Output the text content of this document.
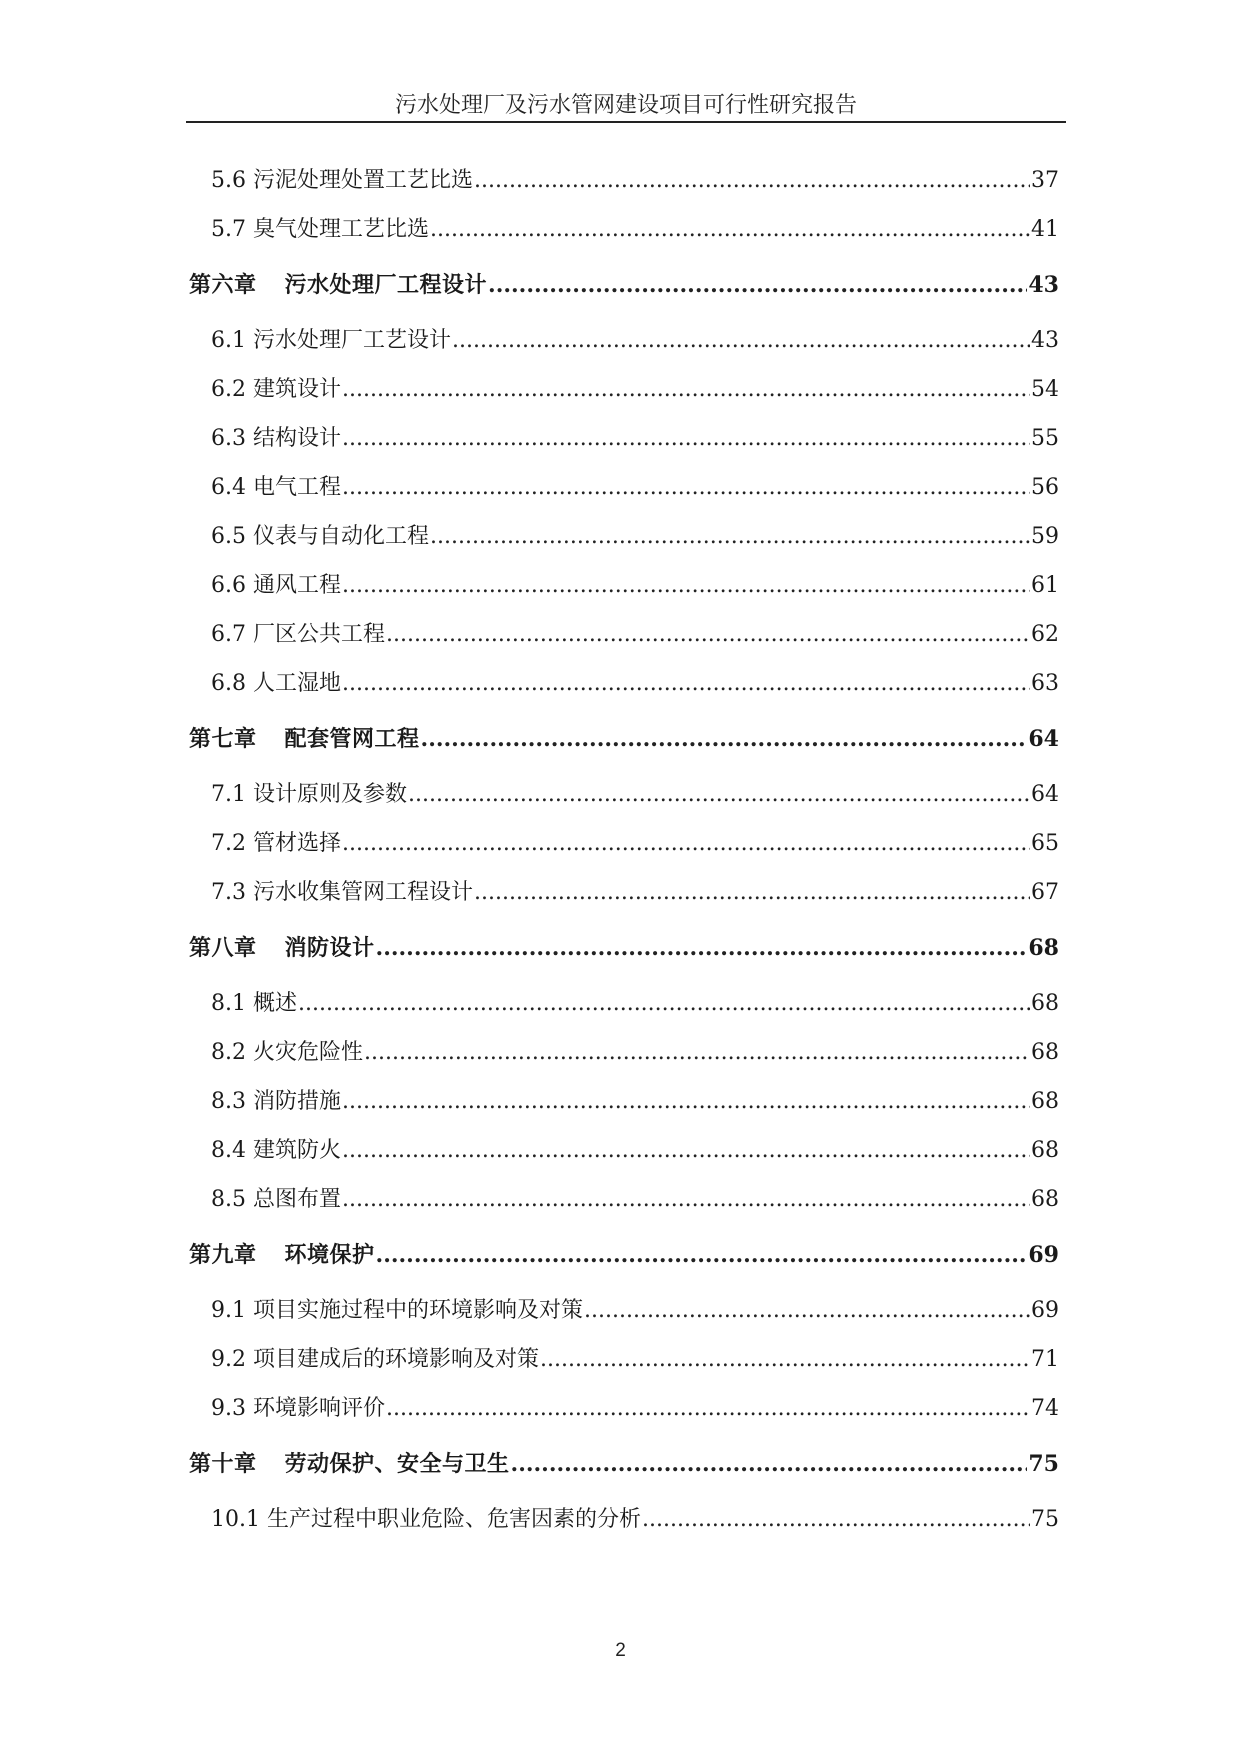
污水处理厂及污水管网建设项目可行性研究报告
5.6 污泥处理处置工艺比选 .....	37
5.7 臭气处理工艺比选 .....	41
第六章 污水处理厂工程设计 .....	43
6.1 污水处理厂工艺设计 .....	43
6.2 建筑设计 .....	54
6.3 结构设计 .....	55
6.4 电气工程 .....	56
6.5 仪表与自动化工程 .....	59
6.6 通风工程 .....	61
6.7 厂区公共工程 .....	62
6.8 人工湿地 .....	63
第七章 配套管网工程 .....	64
7.1 设计原则及参数 .....	64
7.2 管材选择 .....	65
7.3 污水收集管网工程设计 .....	67
第八章 消防设计 .....	68
8.1 概述 .....	68
8.2 火灾危险性 .....	68
8.3 消防措施 .....	68
8.4 建筑防火 .....	68
8.5 总图布置 .....	68
第九章 环境保护 .....	69
9.1 项目实施过程中的环境影响及对策 .....	69
9.2 项目建成后的环境影响及对策 .....	71
9.3 环境影响评价 .....	74
第十章 劳动保护、安全与卫生 .....	75
10.1 生产过程中职业危险、危害因素的分析 .....	75
2
